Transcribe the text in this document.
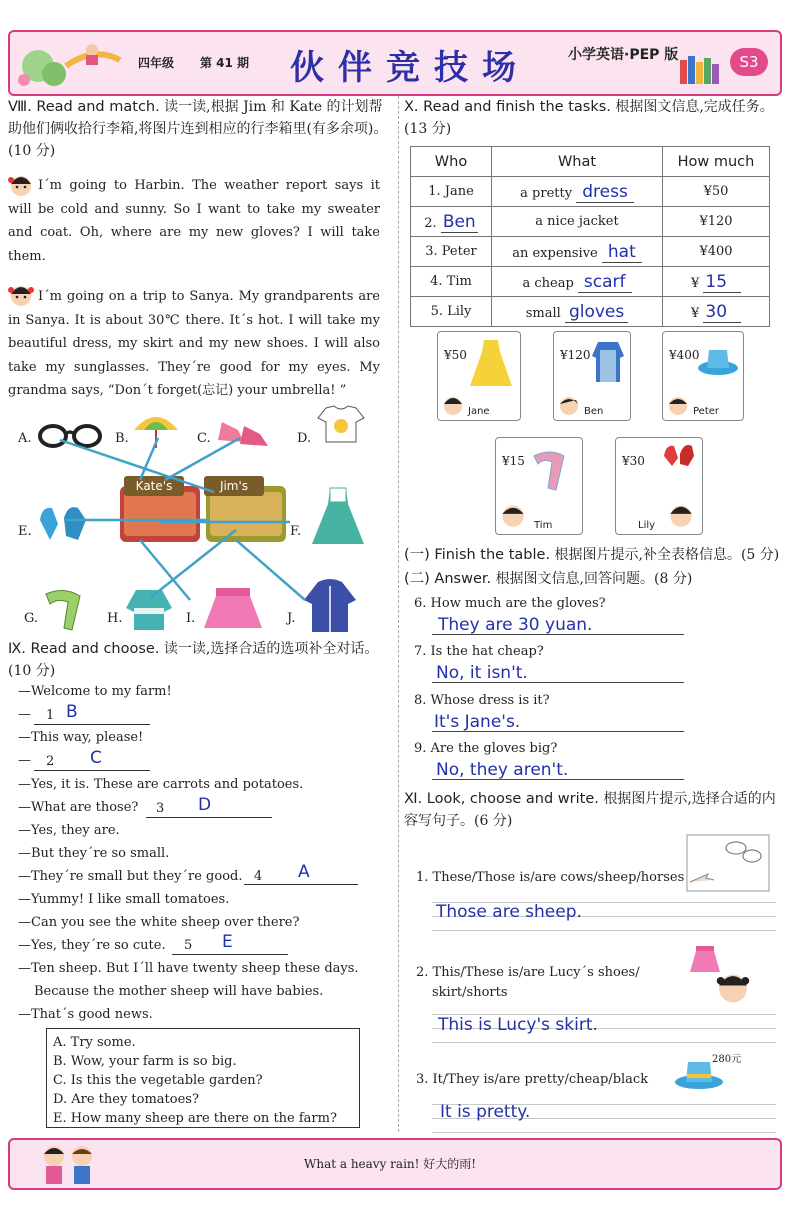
四年级 第 41 期 伙伴竞技场	小学英语·PEP 版	S3
Ⅷ. Read and match. 读一读,根据 Jim 和 Kate 的计划帮助他们俩收拾行李箱,将图片连到相应的行李箱里(有多余项)。(10 分)
I´m going to Harbin. The weather report says it will be cold and sunny. So I want to take my sweater and coat. Oh, where are my new gloves? I will take them.
I´m going on a trip to Sanya. My grandparents are in Sanya. It is about 30℃ there. It´s hot. I will take my beautiful dress, my skirt and my new shoes. I will also take my sunglasses. They´re good for my eyes. My grandma says, “Don´t forget(忘记) your umbrella! ”
A.	B.	C.	D.
E.
Kate's	Jim's
F.
G.	H.	I.	J.
Ⅸ. Read and choose. 读一读,选择合适的选项补全对话。(10 分)
—Welcome to my farm!
— 1 B
—This way, please!
— 2 C
—Yes, it is. These are carrots and potatoes.
—What are those? 3 D
—Yes, they are.
—But they´re so small.
—They´re small but they´re good. 4 A
—Yummy! I like small tomatoes.
—Can you see the white sheep over there?
—Yes, they´re so cute. 5 E
—Ten sheep. But I´ll have twenty sheep these days.
Because the mother sheep will have babies.
—That´s good news.
A. Try some.
B. Wow, your farm is so big.
C. Is this the vegetable garden?
D. Are they tomatoes?
E. How many sheep are there on the farm?
Ⅹ. Read and finish the tasks. 根据图文信息,完成任务。(13 分)
Who	What	How much
1. Jane	a pretty dress	¥50
2. Ben	a nice jacket	¥120
3. Peter	an expensive hat	¥400
4. Tim	a cheap scarf	¥ 15
5. Lily	small gloves	¥ 30
¥50
Jane
¥120
Ben
¥400
Peter
¥15
Tim
¥30
Lily
(一) Finish the table. 根据图片提示,补全表格信息。(5 分)
(二) Answer. 根据图文信息,回答问题。(8 分)
6. How much are the gloves?
They are 30 yuan.
7. Is the hat cheap?
No, it isn't.
8. Whose dress is it?
It's Jane's.
9. Are the gloves big?
No, they aren't.
Ⅺ. Look, choose and write. 根据图片提示,选择合适的内容写句子。(6 分)
1. These/Those is/are cows/sheep/horses
Those are sheep.
2. This/These is/are Lucy´s shoes/
skirt/shorts
This is Lucy's skirt.
280元
3. It/They is/are pretty/cheap/black
It is pretty.
What a heavy rain! 好大的雨!
